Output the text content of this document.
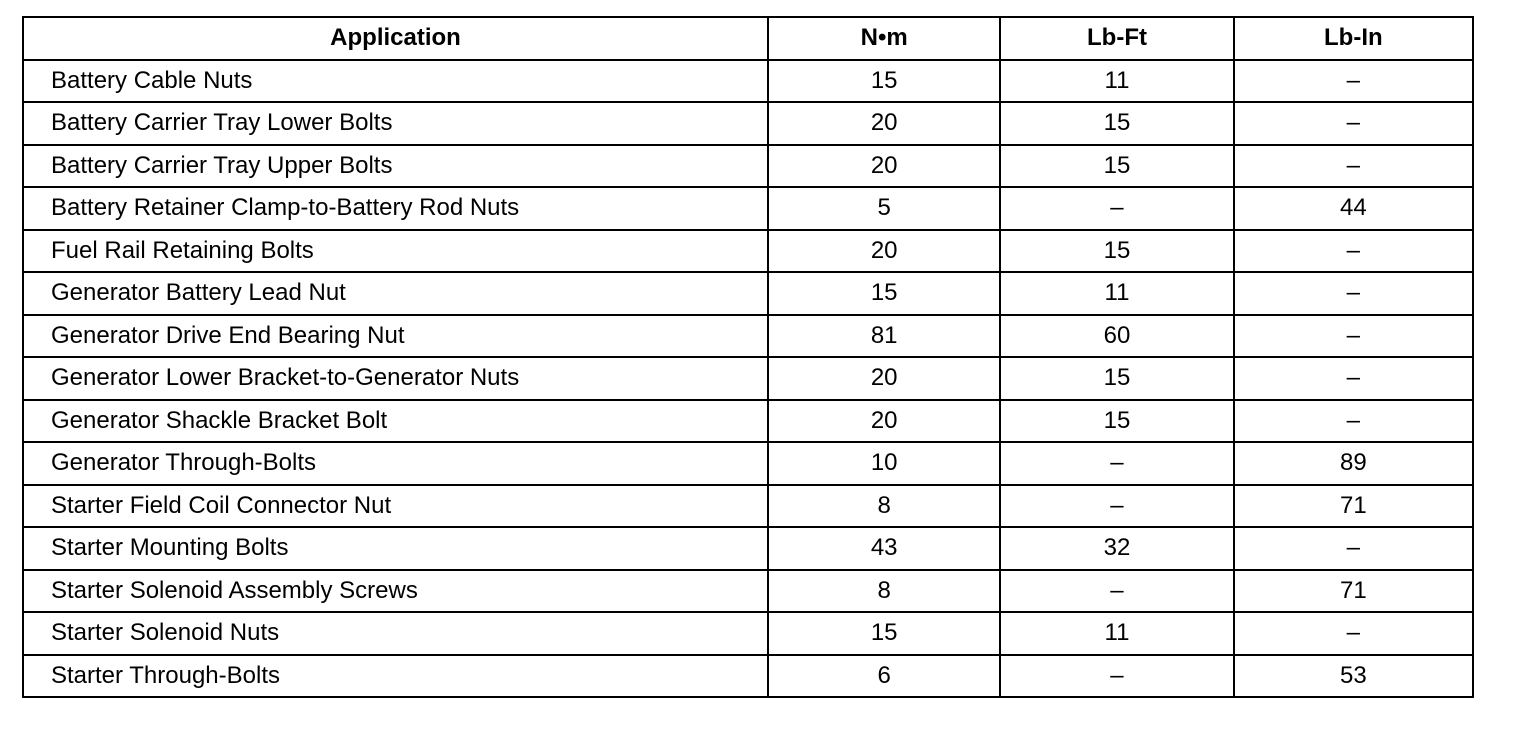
Application	N•m	Lb-Ft	Lb-In
Battery Cable Nuts	15	11	–
Battery Carrier Tray Lower Bolts	20	15	–
Battery Carrier Tray Upper Bolts	20	15	–
Battery Retainer Clamp-to-Battery Rod Nuts	5	–	44
Fuel Rail Retaining Bolts	20	15	–
Generator Battery Lead Nut	15	11	–
Generator Drive End Bearing Nut	81	60	–
Generator Lower Bracket-to-Generator Nuts	20	15	–
Generator Shackle Bracket Bolt	20	15	–
Generator Through-Bolts	10	–	89
Starter Field Coil Connector Nut	8	–	71
Starter Mounting Bolts	43	32	–
Starter Solenoid Assembly Screws	8	–	71
Starter Solenoid Nuts	15	11	–
Starter Through-Bolts	6	–	53
